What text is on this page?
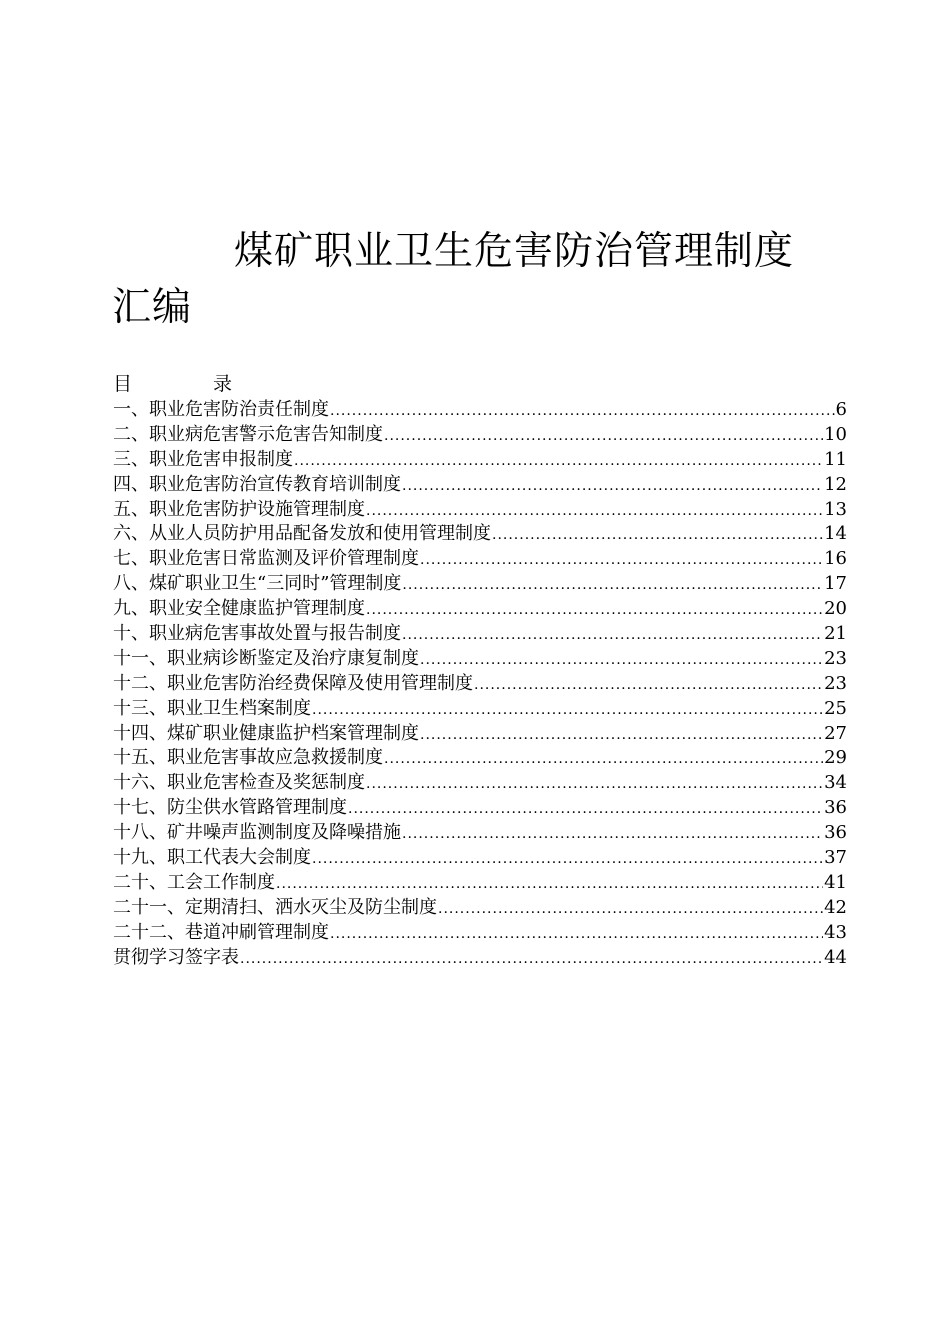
煤矿职业卫生危害防治管理制度
汇编
目	录
一、 职业危害防治责任制度 .....	6
二、 职业病危害警示危害告知制度 .....	10
三、 职业危害申报制度 .....	11
四、 职业危害防治宣传教育培训制度 .....	12
五、 职业危害防护设施管理制度 .....	13
六、 从业人员防护用品配备发放和使用管理制度 .....	14
七、 职业危害日常监测及评价管理制度 .....	16
八、 煤矿职业卫生“三同时”管理制度 .....	17
九、 职业安全健康监护管理制度 .....	20
十、 职业病危害事故处置与报告制度 .....	21
十一、 职业病诊断鉴定及治疗康复制度 .....	23
十二、 职业危害防治经费保障及使用管理制度 .....	23
十三、 职业卫生档案制度 .....	25
十四、 煤矿职业健康监护档案管理制度 .....	27
十五、 职业危害事故应急救援制度 .....	29
十六、 职业危害检查及奖惩制度 .....	34
十七、 防尘供水管路管理制度 .....	36
十八、 矿井噪声监测制度及降噪措施 .....	36
十九、 职工代表大会制度 .....	37
二十、 工会工作制度 .....	41
二十一、 定期清扫、洒水灭尘及防尘制度 .....	42
二十二、 巷道冲刷管理制度 .....	43
贯彻学习签字表 .....	44
